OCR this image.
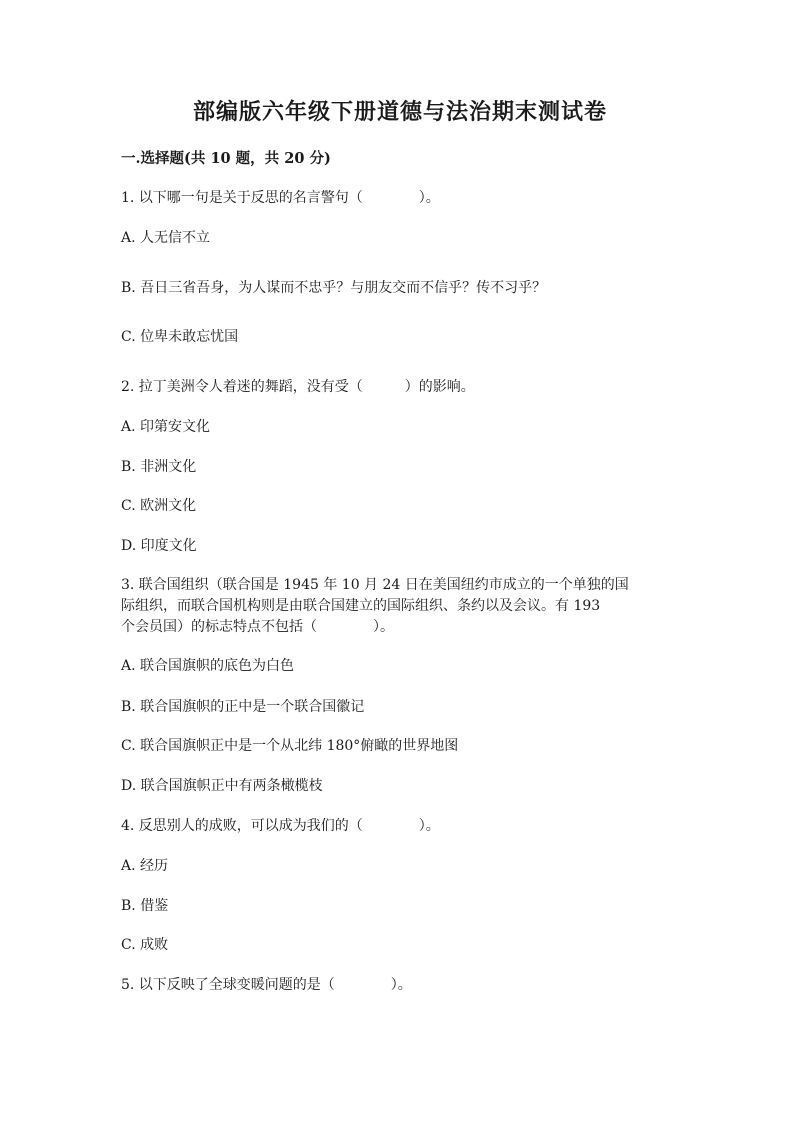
部编版六年级下册道德与法治期末测试卷
一.选择题(共 10 题，共 20 分)
1. 以下哪一句是关于反思的名言警句（　　　　）。
A. 人无信不立
B. 吾日三省吾身，为人谋而不忠乎？与朋友交而不信乎？传不习乎？
C. 位卑未敢忘忧国
2. 拉丁美洲令人着迷的舞蹈，没有受（　　　）的影响。
A. 印第安文化
B. 非洲文化
C. 欧洲文化
D. 印度文化
3. 联合国组织（联合国是 1945 年 10 月 24 日在美国纽约市成立的一个单独的国
际组织，而联合国机构则是由联合国建立的国际组织、条约以及会议。有 193
个会员国）的标志特点不包括（　　　　）。
A. 联合国旗帜的底色为白色
B. 联合国旗帜的正中是一个联合国徽记
C. 联合国旗帜正中是一个从北纬 180°俯瞰的世界地图
D. 联合国旗帜正中有两条橄榄枝
4. 反思别人的成败，可以成为我们的（　　　　）。
A. 经历
B. 借鉴
C. 成败
5. 以下反映了全球变暖问题的是（　　　　）。
